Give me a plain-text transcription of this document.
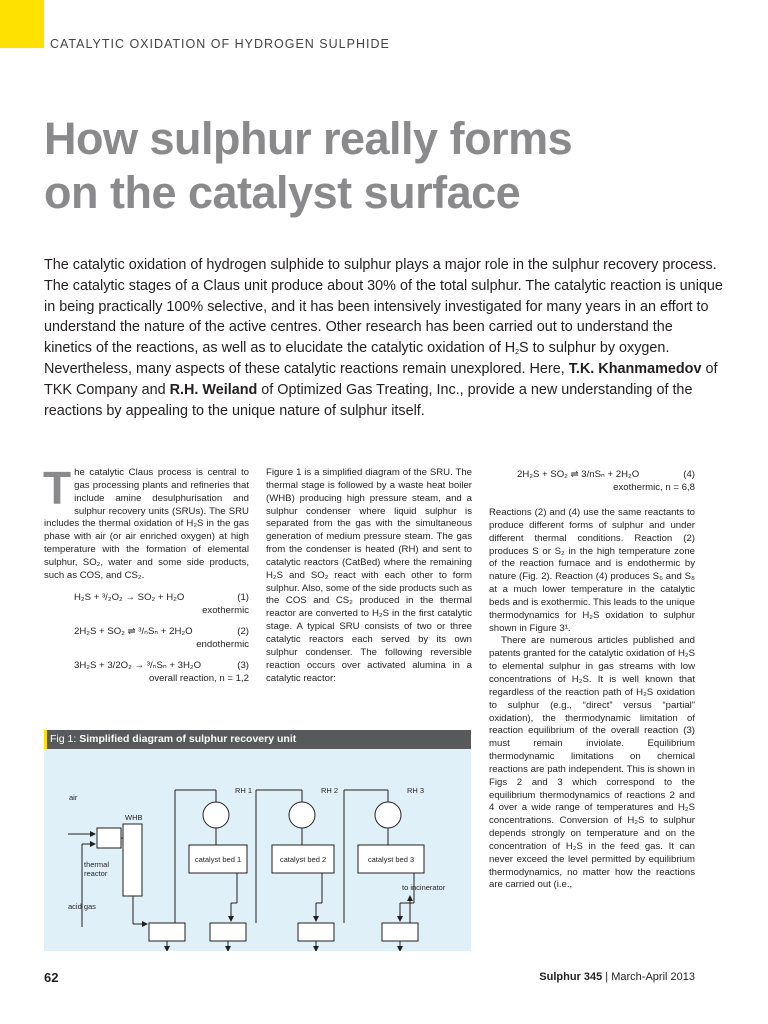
CATALYTIC OXIDATION OF HYDROGEN SULPHIDE
How sulphur really forms
on the catalyst surface

The catalytic oxidation of hydrogen sulphide to sulphur plays a major role in the sulphur recovery process. The catalytic stages of a Claus unit produce about 30% of the total sulphur. The catalytic reaction is unique in being practically 100% selective, and it has been intensively investigated for many years in an effort to understand the nature of the active centres. Other research has been carried out to understand the kinetics of the reactions, as well as to elucidate the catalytic oxidation of $H_2S$ to sulphur by oxygen. Nevertheless, many aspects of these catalytic reactions remain unexplored. Here, T.K. Khanmamedov of TKK Company and R.H. Weiland of Optimized Gas Treating, Inc., provide a new understanding of the reactions by appealing to the unique nature of sulphur itself.

The catalytic Claus process is central to gas processing plants and refineries that include amine desulphurisation and sulphur recovery units (SRUs). The SRU includes the thermal oxidation of H₂S in the gas phase with air (or air enriched oxygen) at high temperature with the formation of elemental sulphur, SO₂, water and some side products, such as COS, and CS₂.

H₂S + ³/₂O₂ → SO₂ + H₂O	(1)
exothermic
2H₂S + SO₂ ⇌ ³/ₙSₙ + 2H₂O	(2)
endothermic
3H₂S + 3/2O₂ → ³/ₙSₙ + 3H₂O	(3)
overall reaction, n = 1,2

Figure 1 is a simplified diagram of the SRU. The thermal stage is followed by a waste heat boiler (WHB) producing high pressure steam, and a sulphur condenser where liquid sulphur is separated from the gas with the simultaneous generation of medium pressure steam. The gas from the condenser is heated (RH) and sent to catalytic reactors (CatBed) where the remaining H₂S and SO₂ react with each other to form sulphur. Also, some of the side products such as the COS and CS₂ produced in the thermal reactor are converted to H₂S in the first catalytic stage. A typical SRU consists of two or three catalytic reactors each served by its own sulphur condenser. The following reversible reaction occurs over activated alumina in a catalytic reactor:

2H₂S + SO₂ ⇌ 3/nSₙ + 2H₂O	(4)
exothermic, n = 6,8

Reactions (2) and (4) use the same reactants to produce different forms of sulphur and under different thermal conditions. Reaction (2) produces S or S₂ in the high temperature zone of the reaction furnace and is endothermic by nature (Fig. 2). Reaction (4) produces S₆ and S₈ at a much lower temperature in the catalytic beds and is exothermic. This leads to the unique thermodynamics for H₂S oxidation to sulphur shown in Figure 3¹.

There are numerous articles published and patents granted for the catalytic oxidation of H₂S to elemental sulphur in gas streams with low concentrations of H₂S. It is well known that regardless of the reaction path of H₂S oxidation to sulphur (e.g., “direct” versus “partial” oxidation), the thermodynamic limitation of reaction equilibrium of the overall reaction (3) must remain inviolate. Equilibrium thermodynamic limitations on chemical reactions are path independent. This is shown in Figs 2 and 3 which correspond to the equilibrium thermodynamics of reactions 2 and 4 over a wide range of temperatures and H₂S concentrations. Conversion of H₂S to sulphur depends strongly on temperature and on the concentration of H₂S in the feed gas. It can never exceed the level permitted by equilibrium thermodynamics, no matter how the reactions are carried out (i.e.,

Fig 1: Simplified diagram of sulphur recovery unit
air
acid gas
WHB
thermal
reactor
RH 1	RH 2	RH 3
catalyst bed 1	catalyst bed 2	catalyst bed 3
to incinerator
62	Sulphur 345 | March-April 2013
